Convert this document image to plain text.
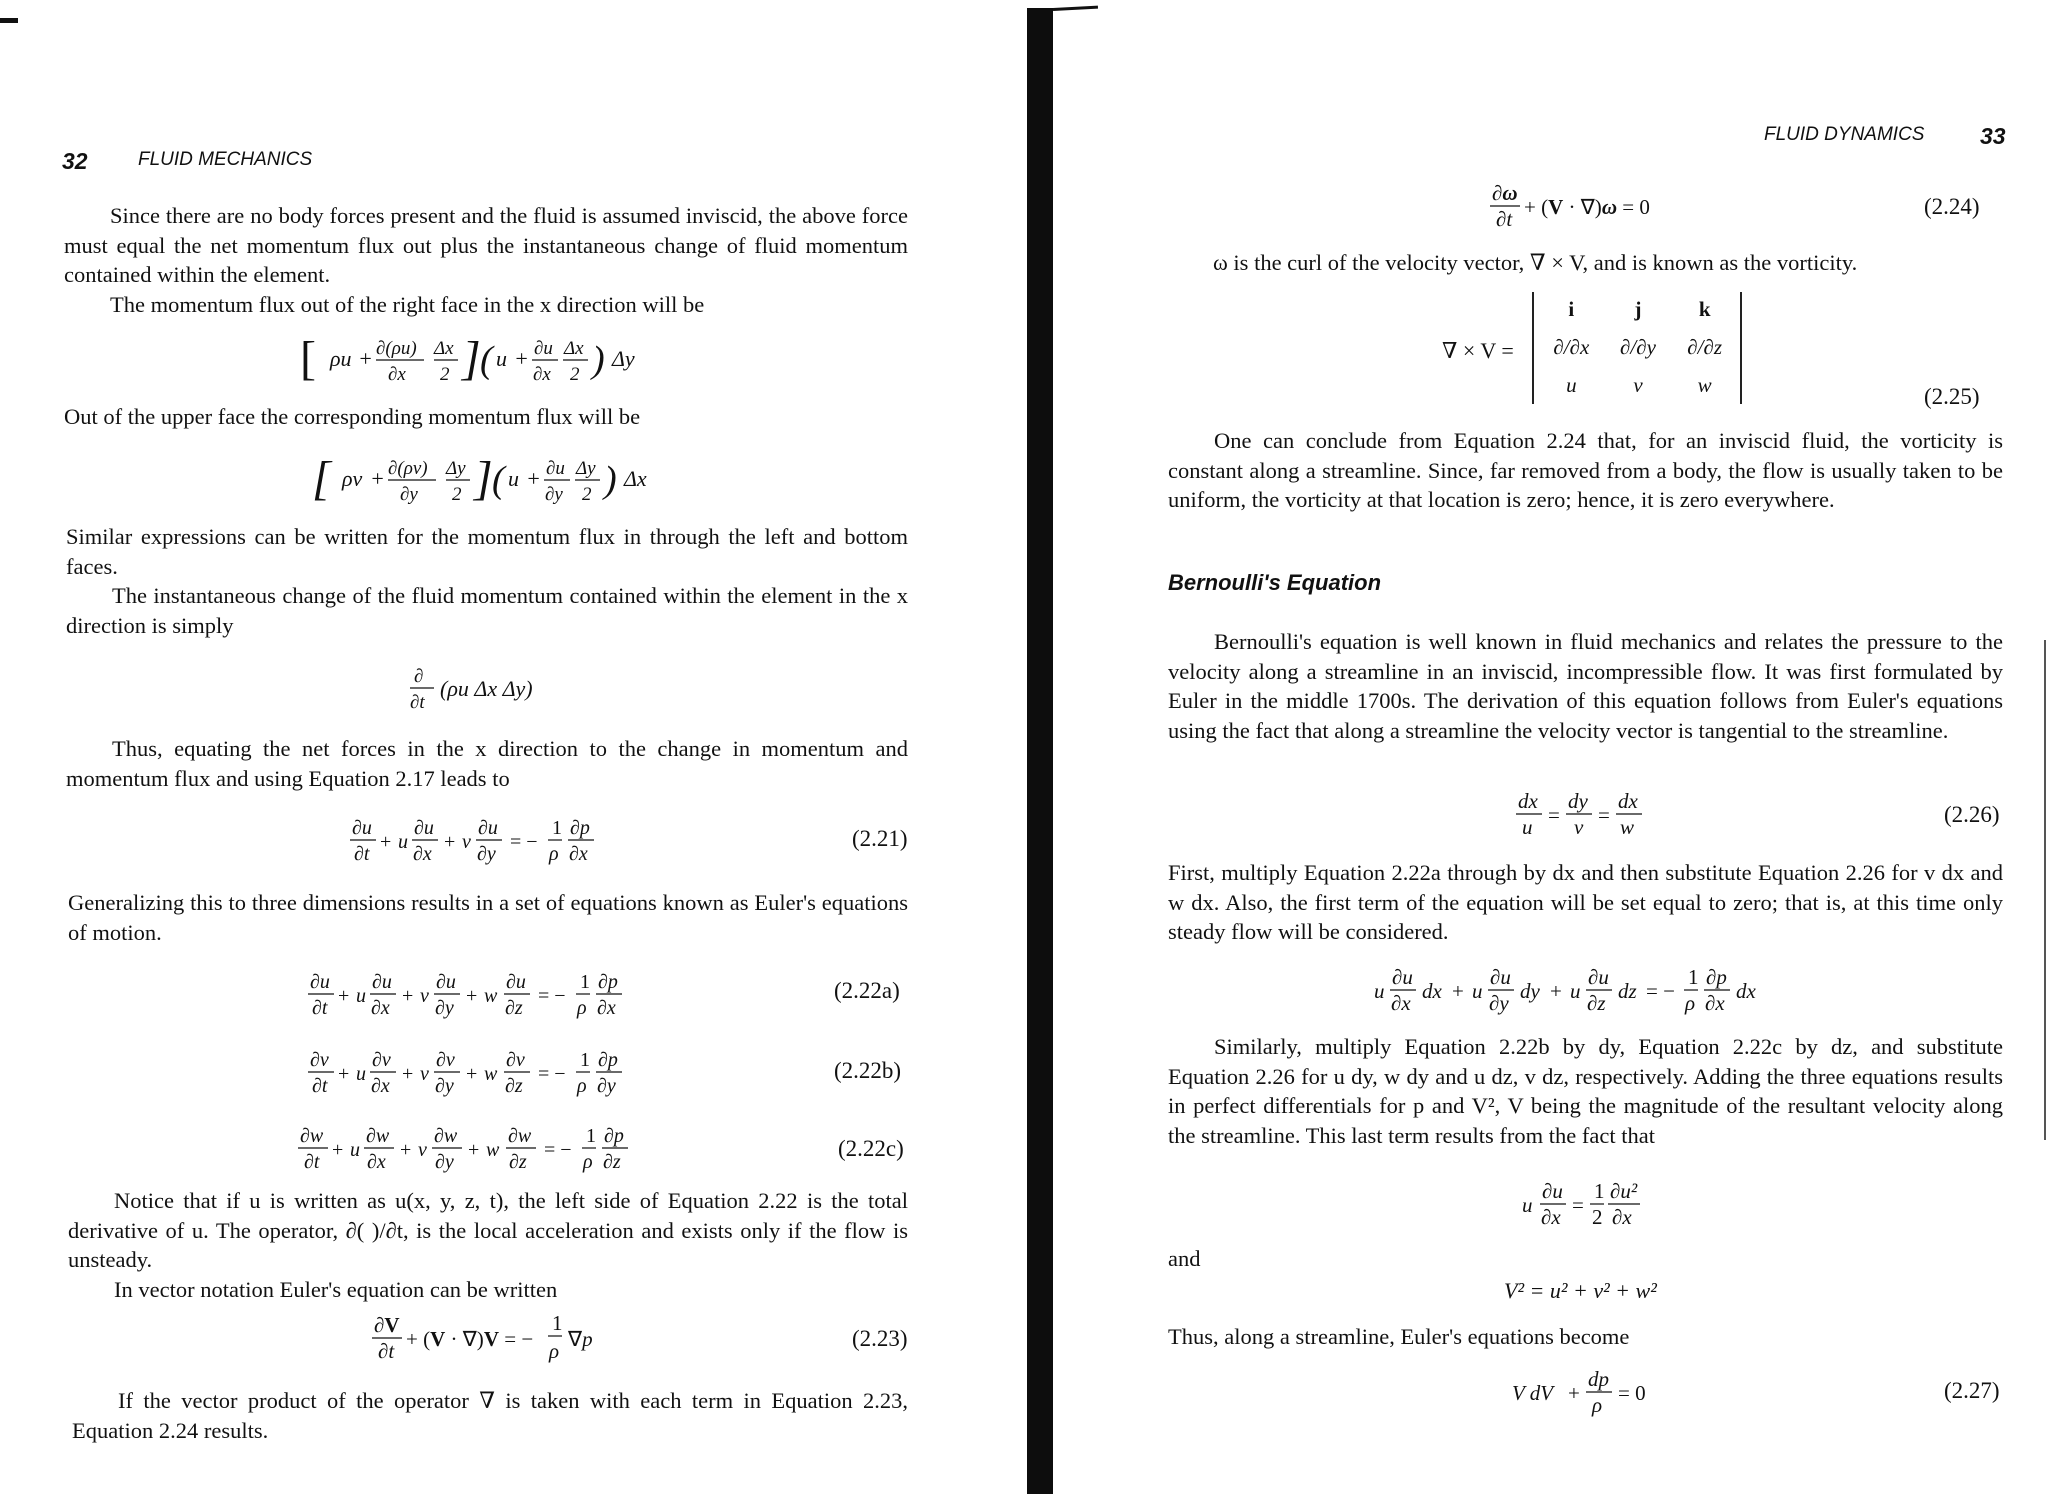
32	FLUID MECHANICS

Since there are no body forces present and the fluid is assumed inviscid, the above force must equal the net momentum flux out plus the instantaneous change of fluid momentum contained within the element.

The momentum flux out of the right face in the x direction will be

[ ρu + ∂(ρu)
∂x
Δx
2 ] ( u + ∂u
∂x
Δx
2 ) Δy

Out of the upper face the corresponding momentum flux will be

[ ρv + ∂(ρv)
∂y
Δy
2 ] ( u + ∂u
∂y
Δy
2 ) Δx

Similar expressions can be written for the momentum flux in through the left and bottom faces.

The instantaneous change of the fluid momentum contained within the element in the x direction is simply

∂
∂t
(ρu Δx Δy)

Thus, equating the net forces in the x direction to the change in momentum and momentum flux and using Equation 2.17 leads to

∂u
∂t
+ u
∂u
∂x
+ v
∂u
∂y
= −
1
ρ
∂p
∂x
(2.21)

Generalizing this to three dimensions results in a set of equations known as Euler's equations of motion.

∂u
∂t
+ u
∂u
∂x
+ v
∂u
∂y
+ w
∂u
∂z
= −
1
ρ
∂p
∂x
(2.22a)
∂v
∂t
+ u
∂v
∂x
+ v
∂v
∂y
+ w
∂v
∂z
= −
1
ρ
∂p
∂y
(2.22b)
∂w
∂t
+ u
∂w
∂x
+ v
∂w
∂y
+ w
∂w
∂z
= −
1
ρ
∂p
∂z
(2.22c)

Notice that if u is written as u(x, y, z, t), the left side of Equation 2.22 is the total derivative of u. The operator, ∂( )/∂t, is the local acceleration and exists only if the flow is unsteady.

In vector notation Euler's equation can be written

∂V
∂t + (V · ∇)V = −
1
ρ ∇p	(2.23)

If the vector product of the operator ∇ is taken with each term in Equation 2.23, Equation 2.24 results.

FLUID DYNAMICS 33
∂ω
∂t + (V · ∇)ω = 0	(2.24)

ω is the curl of the velocity vector, ∇ × V, and is known as the vorticity.

∇ × V =
i	j	k
∂/∂x	∂/∂y	∂/∂z
u	v	w	(2.25)

One can conclude from Equation 2.24 that, for an inviscid fluid, the vorticity is constant along a streamline. Since, far removed from a body, the flow is usually taken to be uniform, the vorticity at that location is zero; hence, it is zero everywhere.

Bernoulli's Equation

Bernoulli's equation is well known in fluid mechanics and relates the pressure to the velocity along a streamline in an inviscid, incompressible flow. It was first formulated by Euler in the middle 1700s. The derivation of this equation follows from Euler's equations using the fact that along a streamline the velocity vector is tangential to the streamline.

dx
u =
dy
v =
dx
w	(2.26)

First, multiply Equation 2.22a through by dx and then substitute Equation 2.26 for v dx and w dx. Also, the first term of the equation will be set equal to zero; that is, at this time only steady flow will be considered.

u
∂u
∂x dx + u
∂u
∂y dy + u
∂u
∂z dz = −
1
ρ
∂p
∂x dx

Similarly, multiply Equation 2.22b by dy, Equation 2.22c by dz, and substitute Equation 2.26 for u dy, w dy and u dz, v dz, respectively. Adding the three equations results in perfect differentials for p and V², V being the magnitude of the resultant velocity along the streamline. This last term results from the fact that

u
∂u
∂x =
1
2
∂u²
∂x
and
V² = u² + v² + w²

Thus, along a streamline, Euler's equations become

V dV +
dp
ρ = 0	(2.27)
